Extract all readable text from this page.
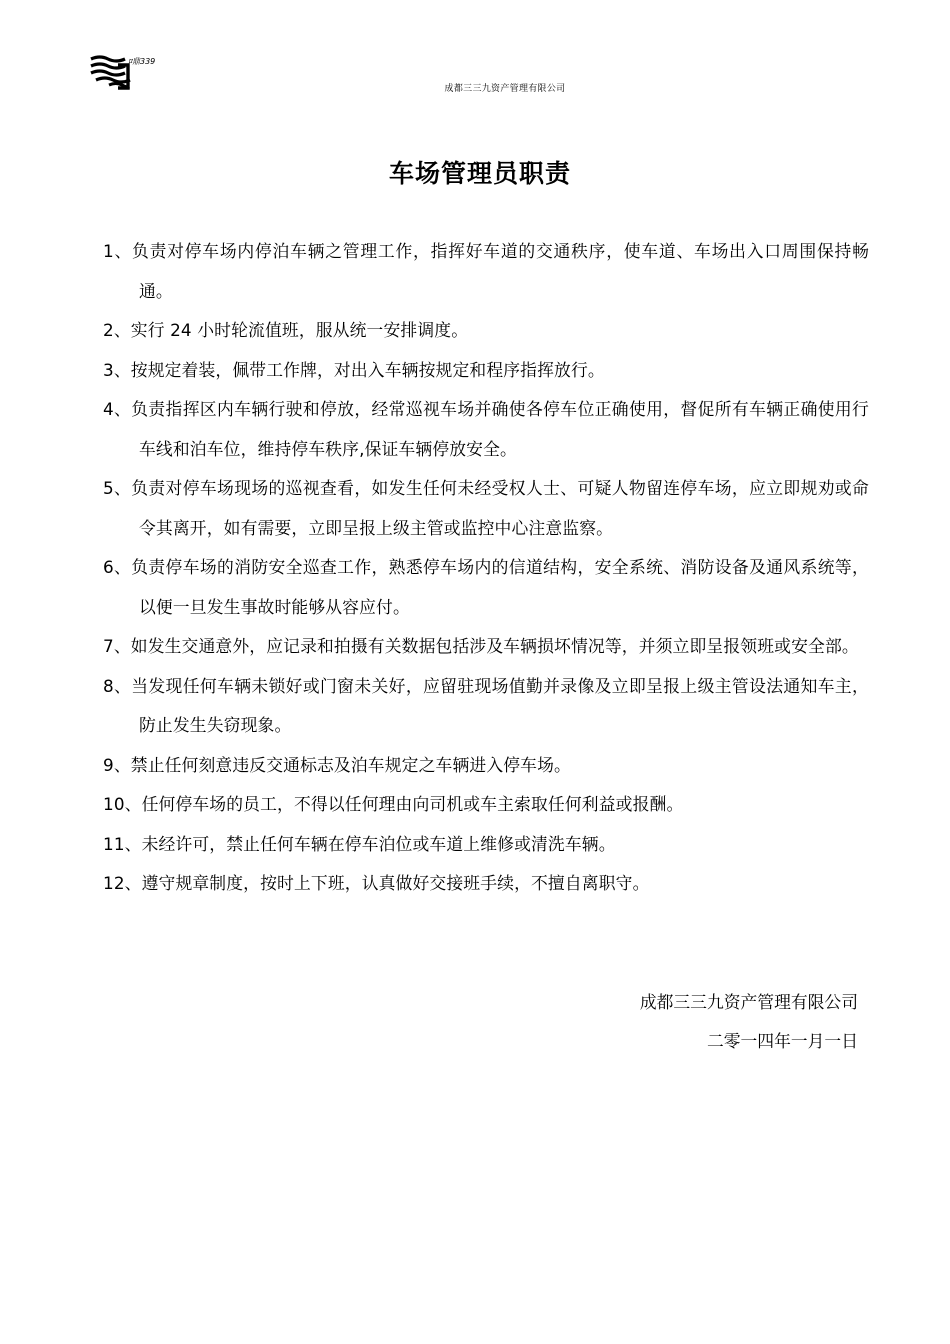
ﾛ鼎339
成都三三九资产管理有限公司
车场管理员职责
1、负责对停车场内停泊车辆之管理工作，指挥好车道的交通秩序，使车道、车场出入口周围保持畅通。
2、实行 24 小时轮流值班，服从统一安排调度。
3、按规定着装，佩带工作牌，对出入车辆按规定和程序指挥放行。
4、负责指挥区内车辆行驶和停放，经常巡视车场并确使各停车位正确使用，督促所有车辆正确使用行车线和泊车位，维持停车秩序,保证车辆停放安全。
5、负责对停车场现场的巡视查看，如发生任何未经受权人士、可疑人物留连停车场，应立即规劝或命令其离开，如有需要，立即呈报上级主管或监控中心注意监察。
6、负责停车场的消防安全巡查工作，熟悉停车场内的信道结构，安全系统、消防设备及通风系统等，以便一旦发生事故时能够从容应付。
7、如发生交通意外，应记录和拍摄有关数据包括涉及车辆损坏情况等，并须立即呈报领班或安全部。
8、当发现任何车辆未锁好或门窗未关好，应留驻现场值勤并录像及立即呈报上级主管设法通知车主，防止发生失窃现象。
9、禁止任何刻意违反交通标志及泊车规定之车辆进入停车场。
10、任何停车场的员工，不得以任何理由向司机或车主索取任何利益或报酬。
11、未经许可，禁止任何车辆在停车泊位或车道上维修或清洗车辆。
12、遵守规章制度，按时上下班，认真做好交接班手续，不擅自离职守。
成都三三九资产管理有限公司
二零一四年一月一日
